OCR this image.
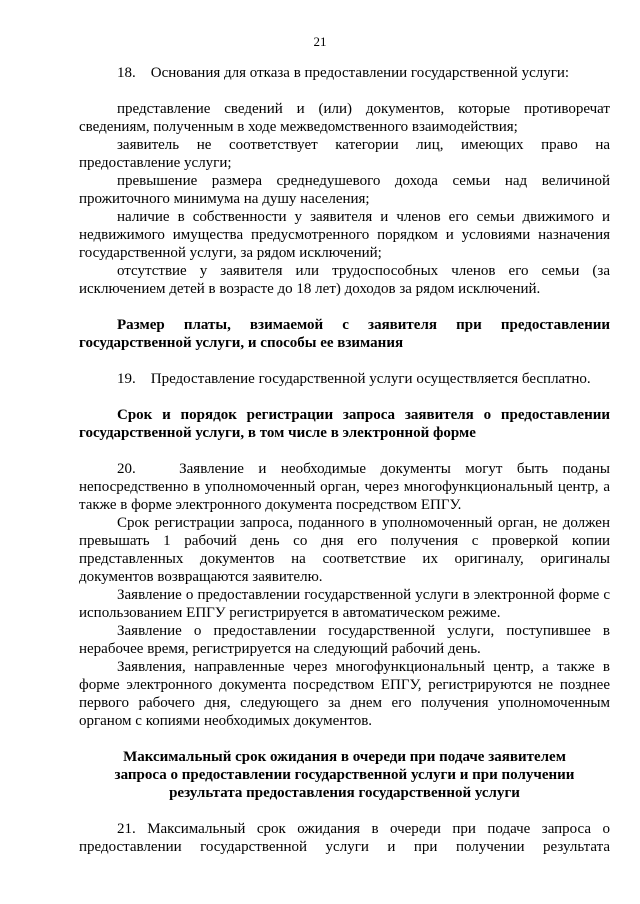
21

18.    Основания для отказа в предоставлении государственной услуги:

представление сведений и (или) документов, которые противоречат сведениям, полученным в ходе межведомственного взаимодействия;

заявитель не соответствует категории лиц, имеющих право на предоставление услуги;

превышение размера среднедушевого дохода семьи над величиной прожиточного минимума на душу населения;

наличие в собственности у заявителя и членов его семьи движимого и недвижимого имущества предусмотренного порядком и условиями назначения государственной услуги, за рядом исключений;

отсутствие у заявителя или трудоспособных членов его семьи (за исключением детей в возрасте до 18 лет) доходов за рядом исключений.

Размер платы, взимаемой с заявителя при предоставлении государственной услуги, и способы ее взимания

19.    Предоставление государственной услуги осуществляется бесплатно.

Срок и порядок регистрации запроса заявителя о предоставлении государственной услуги, в том числе в электронной форме

20.   Заявление и необходимые документы могут быть поданы непосредственно в уполномоченный орган, через многофункциональный центр, а также в форме электронного документа посредством ЕПГУ.

Срок регистрации запроса, поданного в уполномоченный орган, не должен превышать 1 рабочий день со дня его получения с проверкой копии представленных документов на соответствие их оригиналу, оригиналы документов возвращаются заявителю.

Заявление о предоставлении государственной услуги в электронной форме с использованием ЕПГУ регистрируется в автоматическом режиме.

Заявление о предоставлении государственной услуги, поступившее в нерабочее время, регистрируется на следующий рабочий день.

Заявления, направленные через многофункциональный центр, а также в форме электронного документа посредством ЕПГУ, регистрируются не позднее первого рабочего дня, следующего за днем его получения уполномоченным органом с копиями необходимых документов.

Максимальный срок ожидания в очереди при подаче заявителем

запроса о предоставлении государственной услуги и при получении

результата предоставления государственной услуги

21. Максимальный срок ожидания в очереди при подаче запроса о предоставлении государственной услуги и при получении результата
